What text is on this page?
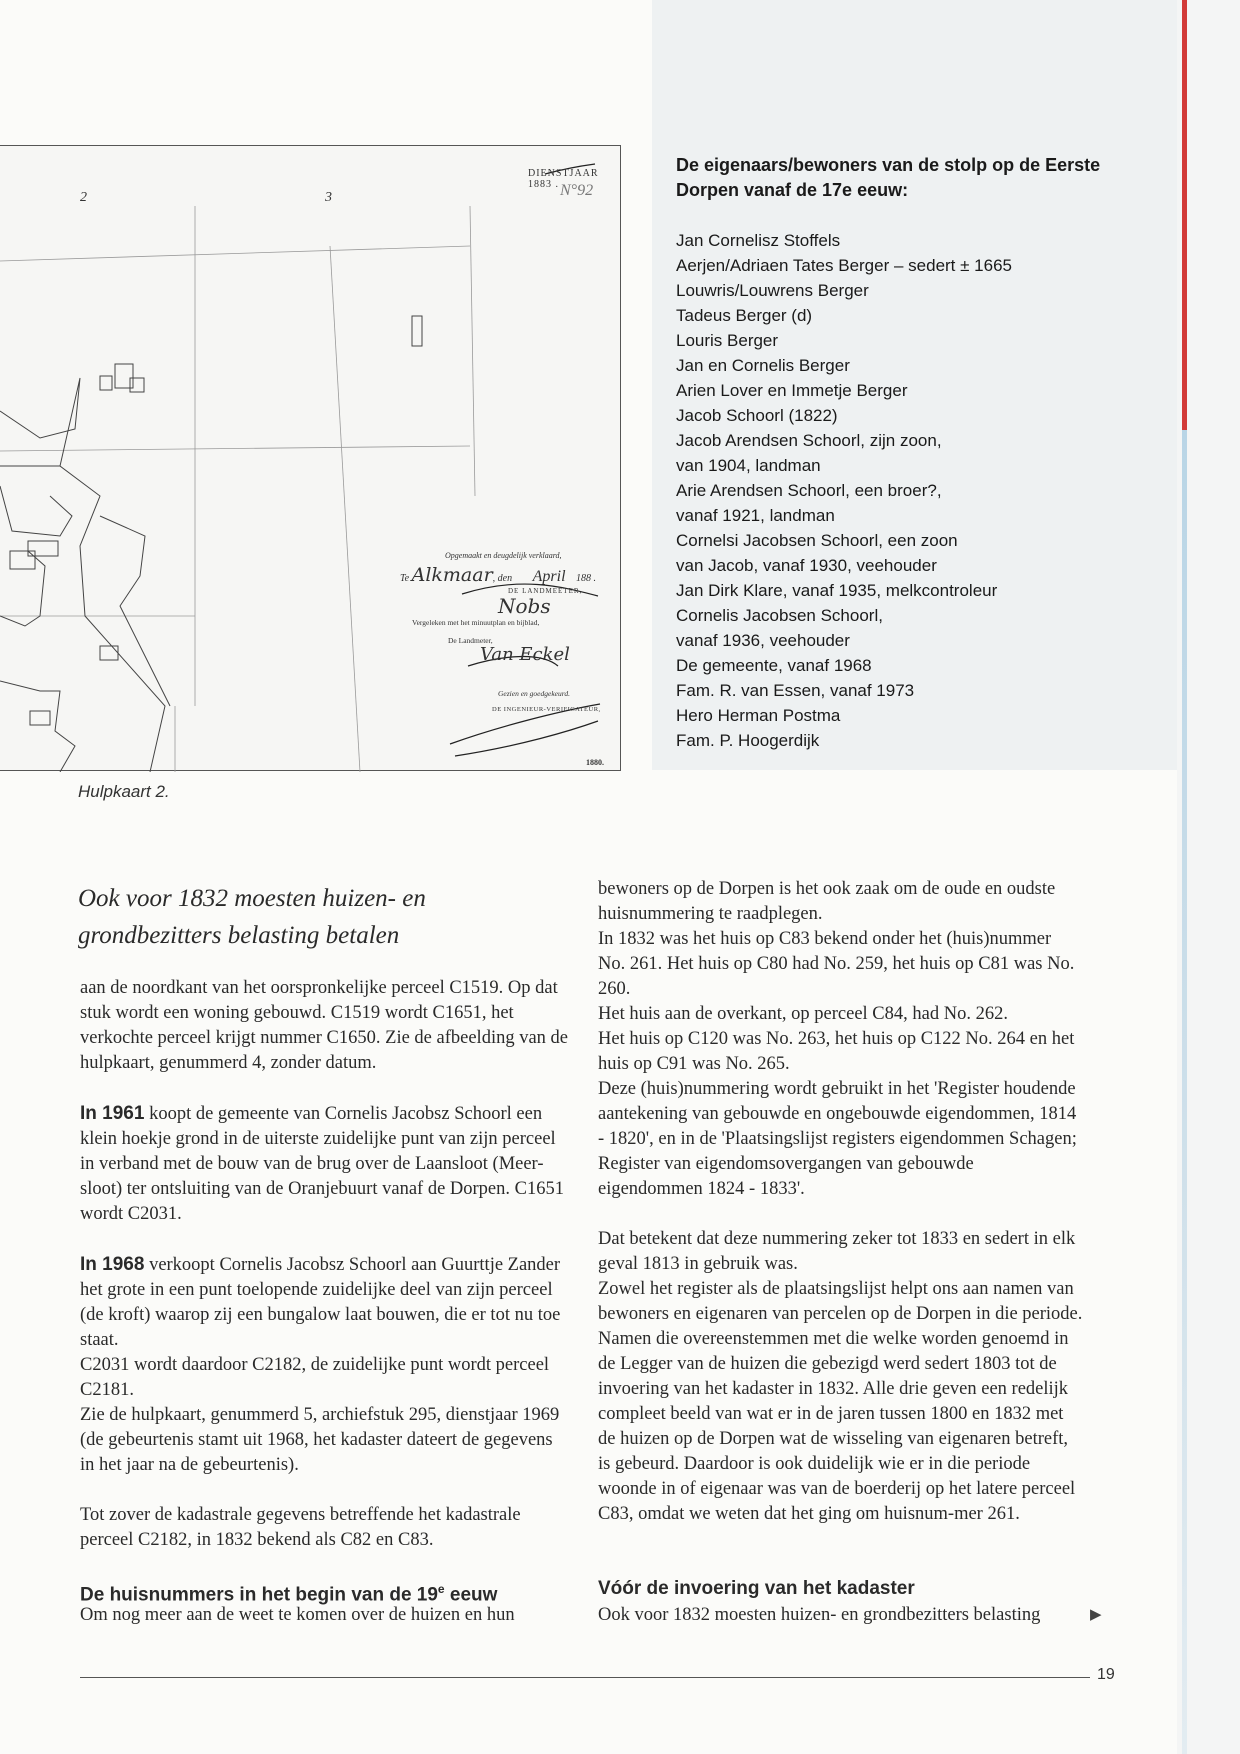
DIENSTJAAR 1883 . N°92
2	3
Opgemaakt en deugdelijk verklaard,
Te Alkmaar, den April 188 .
DE LANDMEETER,
Nobs
Vergeleken met het minuutplan en bijblad,
De Landmeter,
Van Eckel
Gezien en goedgekeurd.
DE INGENIEUR-VERIFICATEUR,
1880.
Hulpkaart 2.
De eigenaars/bewoners van de stolp op de Eerste Dorpen vanaf de 17e eeuw:
Jan Cornelisz Stoffels
Aerjen/Adriaen Tates Berger – sedert ± 1665
Louwris/Louwrens Berger
Tadeus Berger (d)
Louris Berger
Jan en Cornelis Berger
Arien Lover en Immetje Berger
Jacob Schoorl (1822)
Jacob Arendsen Schoorl, zijn zoon,
van 1904, landman
Arie Arendsen Schoorl, een broer?,
vanaf 1921, landman
Cornelsi Jacobsen Schoorl, een zoon
van Jacob, vanaf 1930, veehouder
Jan Dirk Klare, vanaf 1935, melkcontroleur
Cornelis Jacobsen Schoorl,
vanaf 1936, veehouder
De gemeente, vanaf 1968
Fam. R. van Essen, vanaf 1973
Hero Herman Postma
Fam. P. Hoogerdijk
Ook voor 1832 moesten huizen- en grondbezitters belasting betalen

aan de noordkant van het oorspronkelijke perceel C1519. Op dat stuk wordt een woning gebouwd. C1519 wordt C1651, het verkochte perceel krijgt nummer C1650. Zie de afbeelding van de hulpkaart, genummerd 4, zonder datum.

In 1961 koopt de gemeente van Cornelis Jacobsz Schoorl een klein hoekje grond in de uiterste zuidelijke punt van zijn perceel in verband met de bouw van de brug over de Laansloot (Meer-sloot) ter ontsluiting van de Oranjebuurt vanaf de Dorpen. C1651 wordt C2031.

In 1968 verkoopt Cornelis Jacobsz Schoorl aan Guurttje Zander het grote in een punt toelopende zuidelijke deel van zijn perceel (de kroft) waarop zij een bungalow laat bouwen, die er tot nu toe staat.

C2031 wordt daardoor C2182, de zuidelijke punt wordt perceel C2181.

Zie de hulpkaart, genummerd 5, archiefstuk 295, dienstjaar 1969 (de gebeurtenis stamt uit 1968, het kadaster dateert de gegevens in het jaar na de gebeurtenis).

Tot zover de kadastrale gegevens betreffende het kadastrale perceel C2182, in 1832 bekend als C82 en C83.

De huisnummers in het begin van de 19e eeuw
Om nog meer aan de weet te komen over de huizen en hun

bewoners op de Dorpen is het ook zaak om de oude en oudste huisnummering te raadplegen.

In 1832 was het huis op C83 bekend onder het (huis)nummer No. 261. Het huis op C80 had No. 259, het huis op C81 was No. 260.

Het huis aan de overkant, op perceel C84, had No. 262.

Het huis op C120 was No. 263, het huis op C122 No. 264 en het huis op C91 was No. 265.

Deze (huis)nummering wordt gebruikt in het 'Register houdende aantekening van gebouwde en ongebouwde eigendommen, 1814 - 1820', en in de 'Plaatsingslijst registers eigendommen Schagen; Register van eigendomsovergangen van gebouwde eigendommen 1824 - 1833'.

Dat betekent dat deze nummering zeker tot 1833 en sedert in elk geval 1813 in gebruik was.

Zowel het register als de plaatsingslijst helpt ons aan namen van bewoners en eigenaren van percelen op de Dorpen in die periode. Namen die overeenstemmen met die welke worden genoemd in de Legger van de huizen die gebezigd werd sedert 1803 tot de invoering van het kadaster in 1832. Alle drie geven een redelijk compleet beeld van wat er in de jaren tussen 1800 en 1832 met de huizen op de Dorpen wat de wisseling van eigenaren betreft, is gebeurd. Daardoor is ook duidelijk wie er in die periode woonde in of eigenaar was van de boerderij op het latere perceel C83, omdat we weten dat het ging om huisnum-mer 261.

Vóór de invoering van het kadaster
Ook voor 1832 moesten huizen- en grondbezitters belasting	▶
19
